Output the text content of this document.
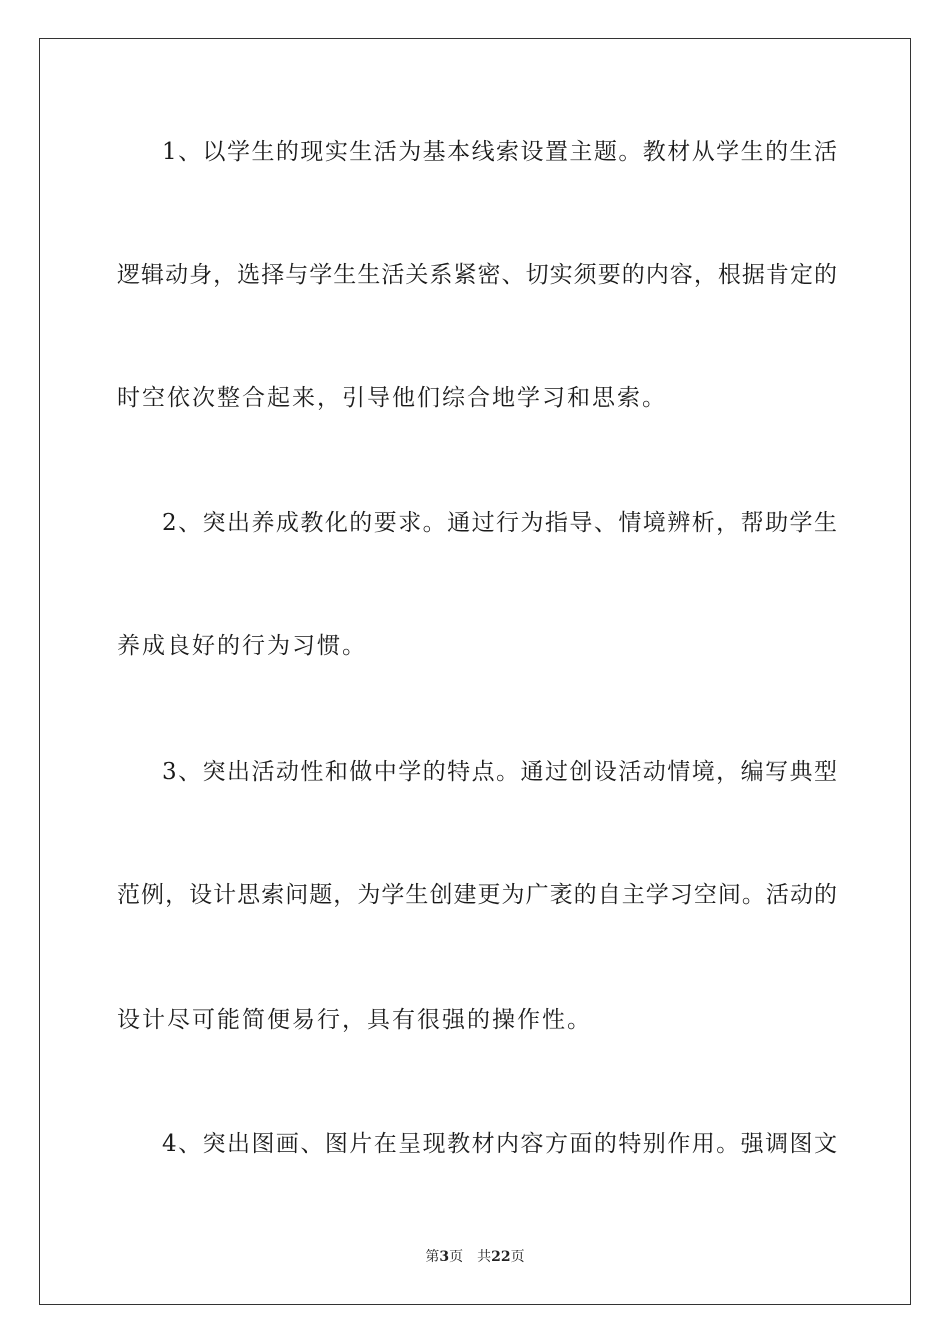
1、以学生的现实生活为基本线索设置主题。教材从学生的生活
逻辑动身，选择与学生生活关系紧密、切实须要的内容，根据肯定的
时空依次整合起来，引导他们综合地学习和思索。
2、突出养成教化的要求。通过行为指导、情境辨析，帮助学生
养成良好的行为习惯。
3、突出活动性和做中学的特点。通过创设活动情境，编写典型
范例，设计思索问题，为学生创建更为广袤的自主学习空间。活动的
设计尽可能简便易行，具有很强的操作性。
4、突出图画、图片在呈现教材内容方面的特别作用。强调图文
第3页 共22页
